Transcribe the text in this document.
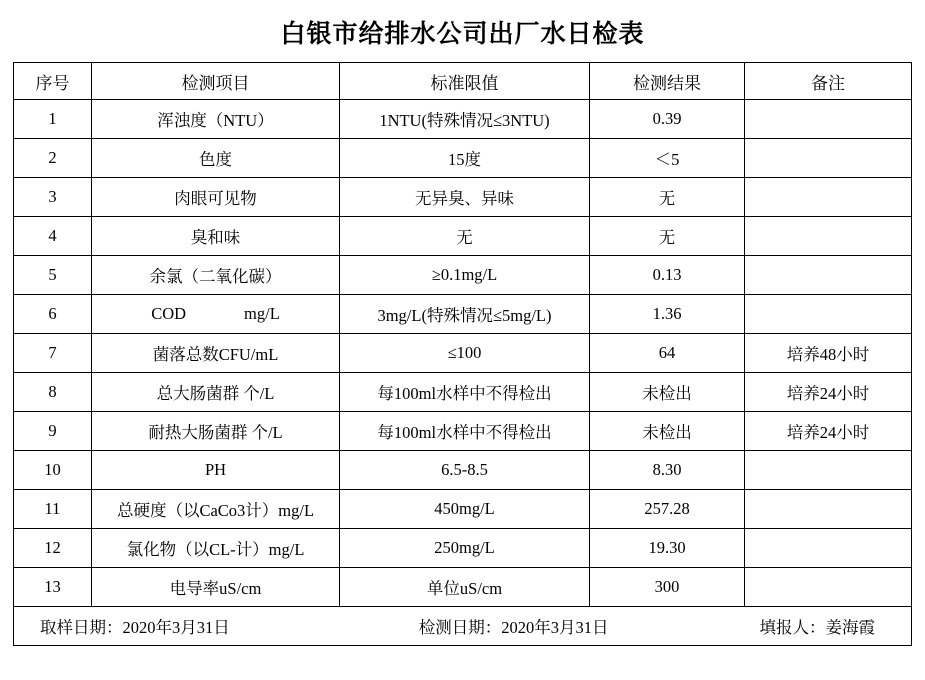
白银市给排水公司出厂水日检表
序号	检测项目	标准限值	检测结果	备注
1	浑浊度（NTU）	1NTU(特殊情况≤3NTU)	0.39	
2	色度	15度	＜5	
3	肉眼可见物	无异臭、异味	无	
4	臭和味	无	无	
5	余氯（二氧化碳）	≥0.1mg/L	0.13	
6	COD mg/L	3mg/L(特殊情况≤5mg/L)	1.36	
7	菌落总数CFU/mL	≤100	64	培养48小时
8	总大肠菌群 个/L	每100ml水样中不得检出	未检出	培养24小时
9	耐热大肠菌群 个/L	每100ml水样中不得检出	未检出	培养24小时
10	PH	6.5-8.5	8.30	
11	总硬度（以CaCo3计）mg/L	450mg/L	257.28	
12	氯化物（以CL-计）mg/L	250mg/L	19.30	
13	电导率uS/cm	单位uS/cm	300	

取样日期：2020年3月31日 检测日期：2020年3月31日 填报人：姜海霞				
